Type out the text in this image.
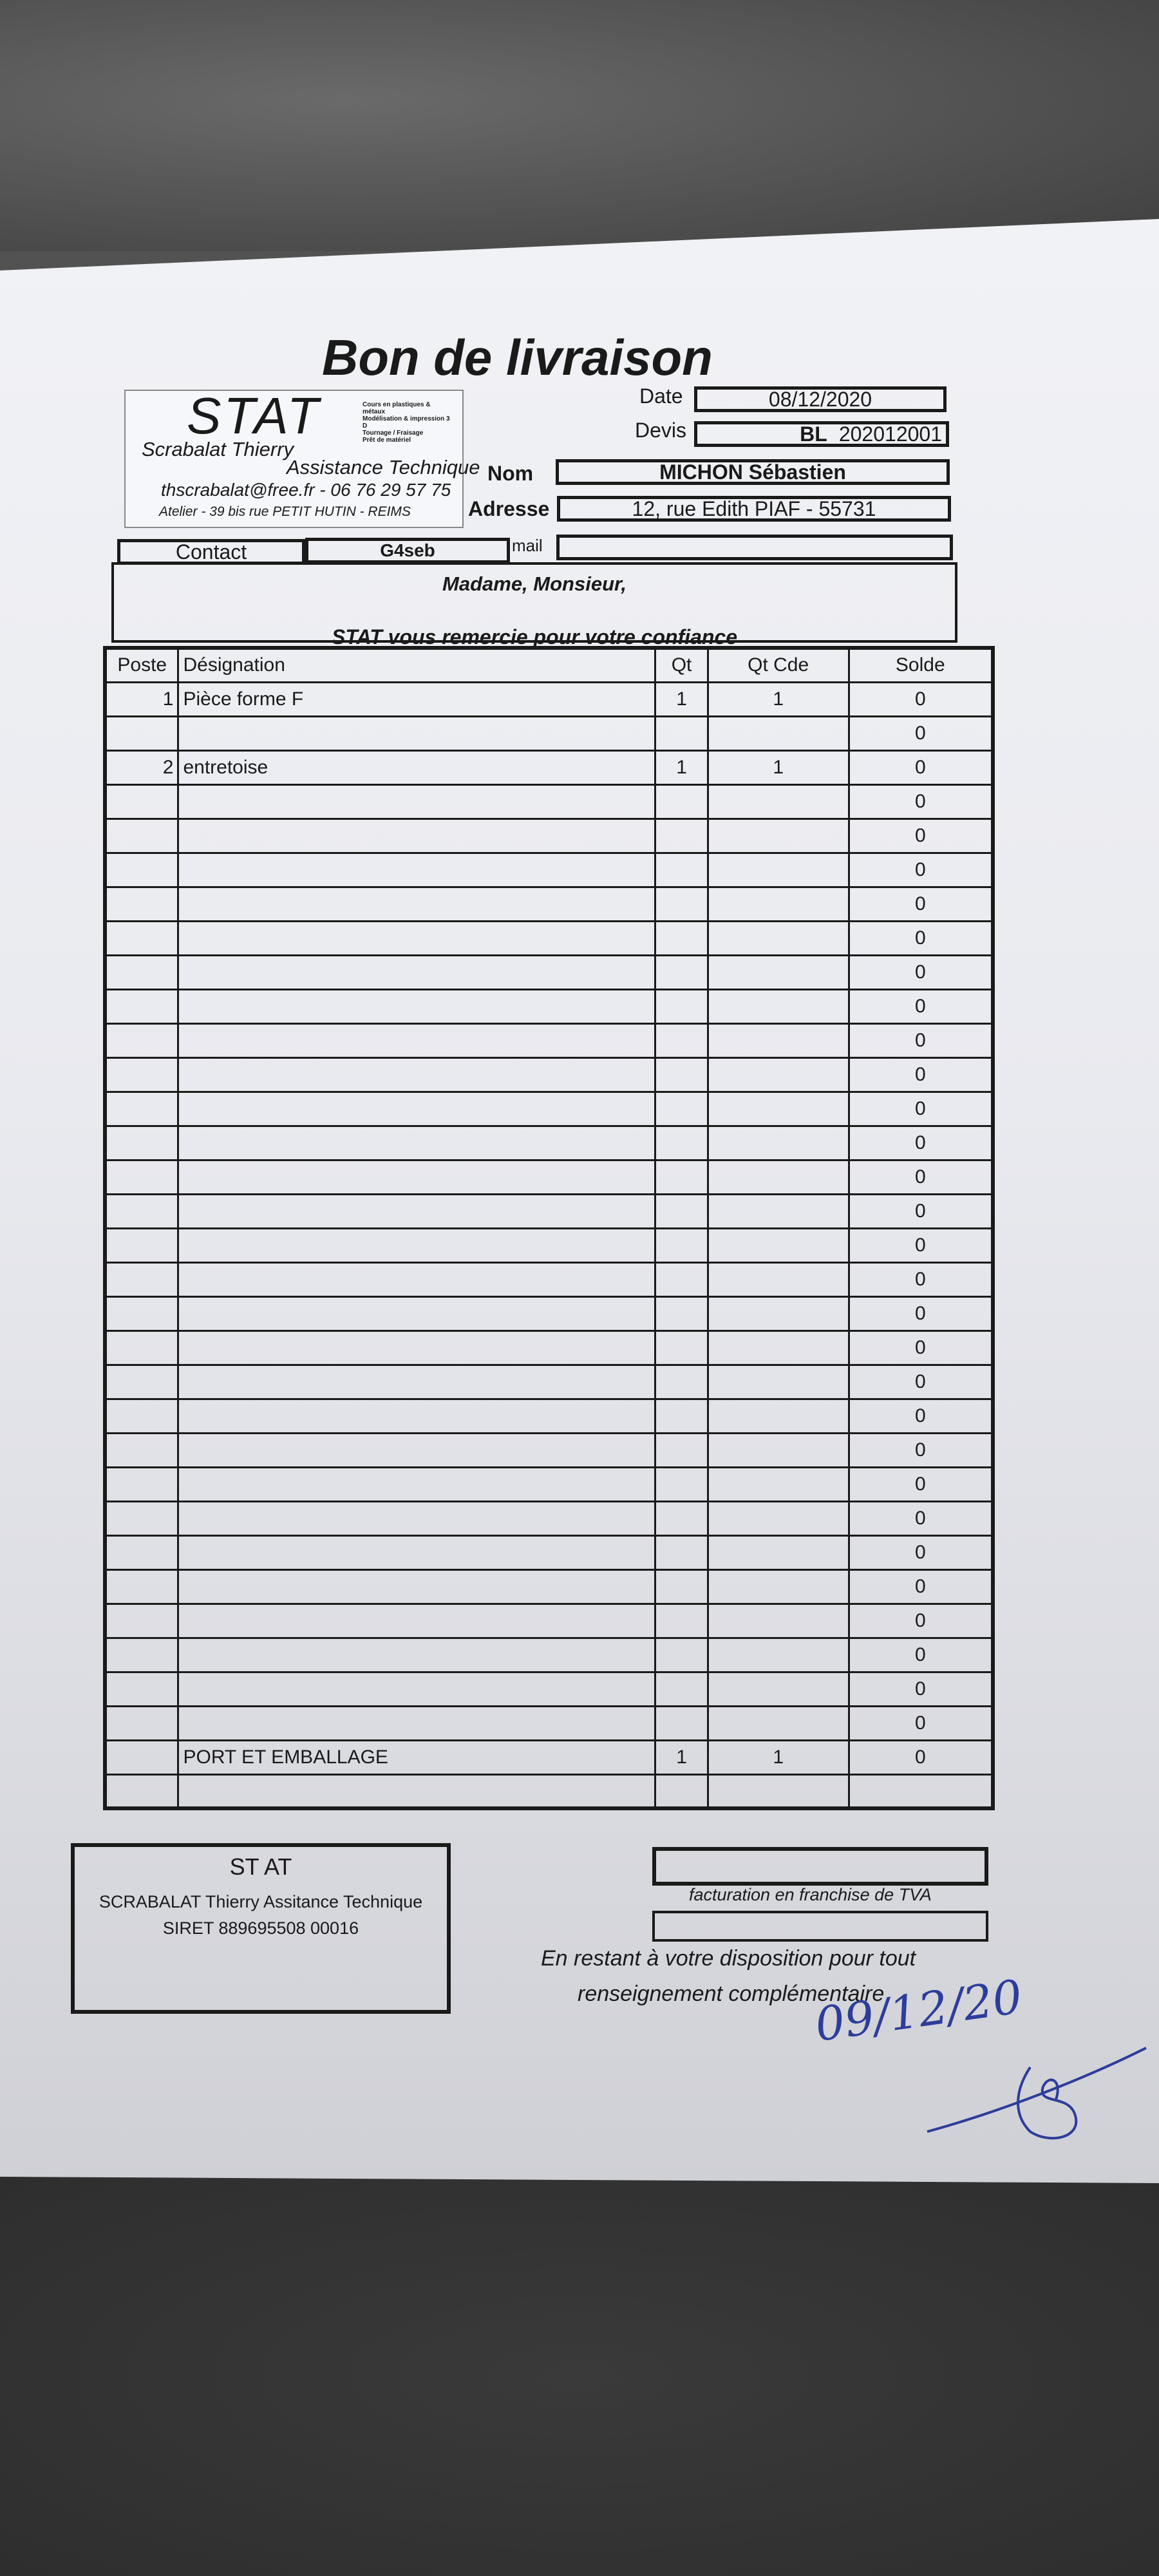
Bon de livraison
STAT	Cours en plastiques & métaux
Modélisation & impression 3 D
Tournage / Fraisage
Prêt de matériel
Scrabalat Thierry
Assistance Technique
thscrabalat@free.fr - 06 76 29 57 75
Atelier - 39 bis rue PETIT HUTIN - REIMS
Date	08/12/2020
Devis	BL 202012001
Nom	MICHON Sébastien
Adresse	12, rue Edith PIAF - 55731
Contact	G4seb	mail
Madame, Monsieur,
STAT vous remercie pour votre confiance
Poste	Désignation	Qt	Qt Cde	Solde
1	Pièce forme F	1	1	0
				0
2	entretoise	1	1	0
				0
				0
				0
				0
				0
				0
				0
				0
				0
				0
				0
				0
				0
				0
				0
				0
				0
				0
				0
				0
				0
				0
				0
				0
				0
				0
				0
				0
	PORT ET EMBALLAGE	1	1	0

ST AT
SCRABALAT Thierry Assitance Technique
SIRET 889695508 00016
facturation en franchise de TVA
En restant à votre disposition pour tout
renseignement complémentaire
09/12/20
